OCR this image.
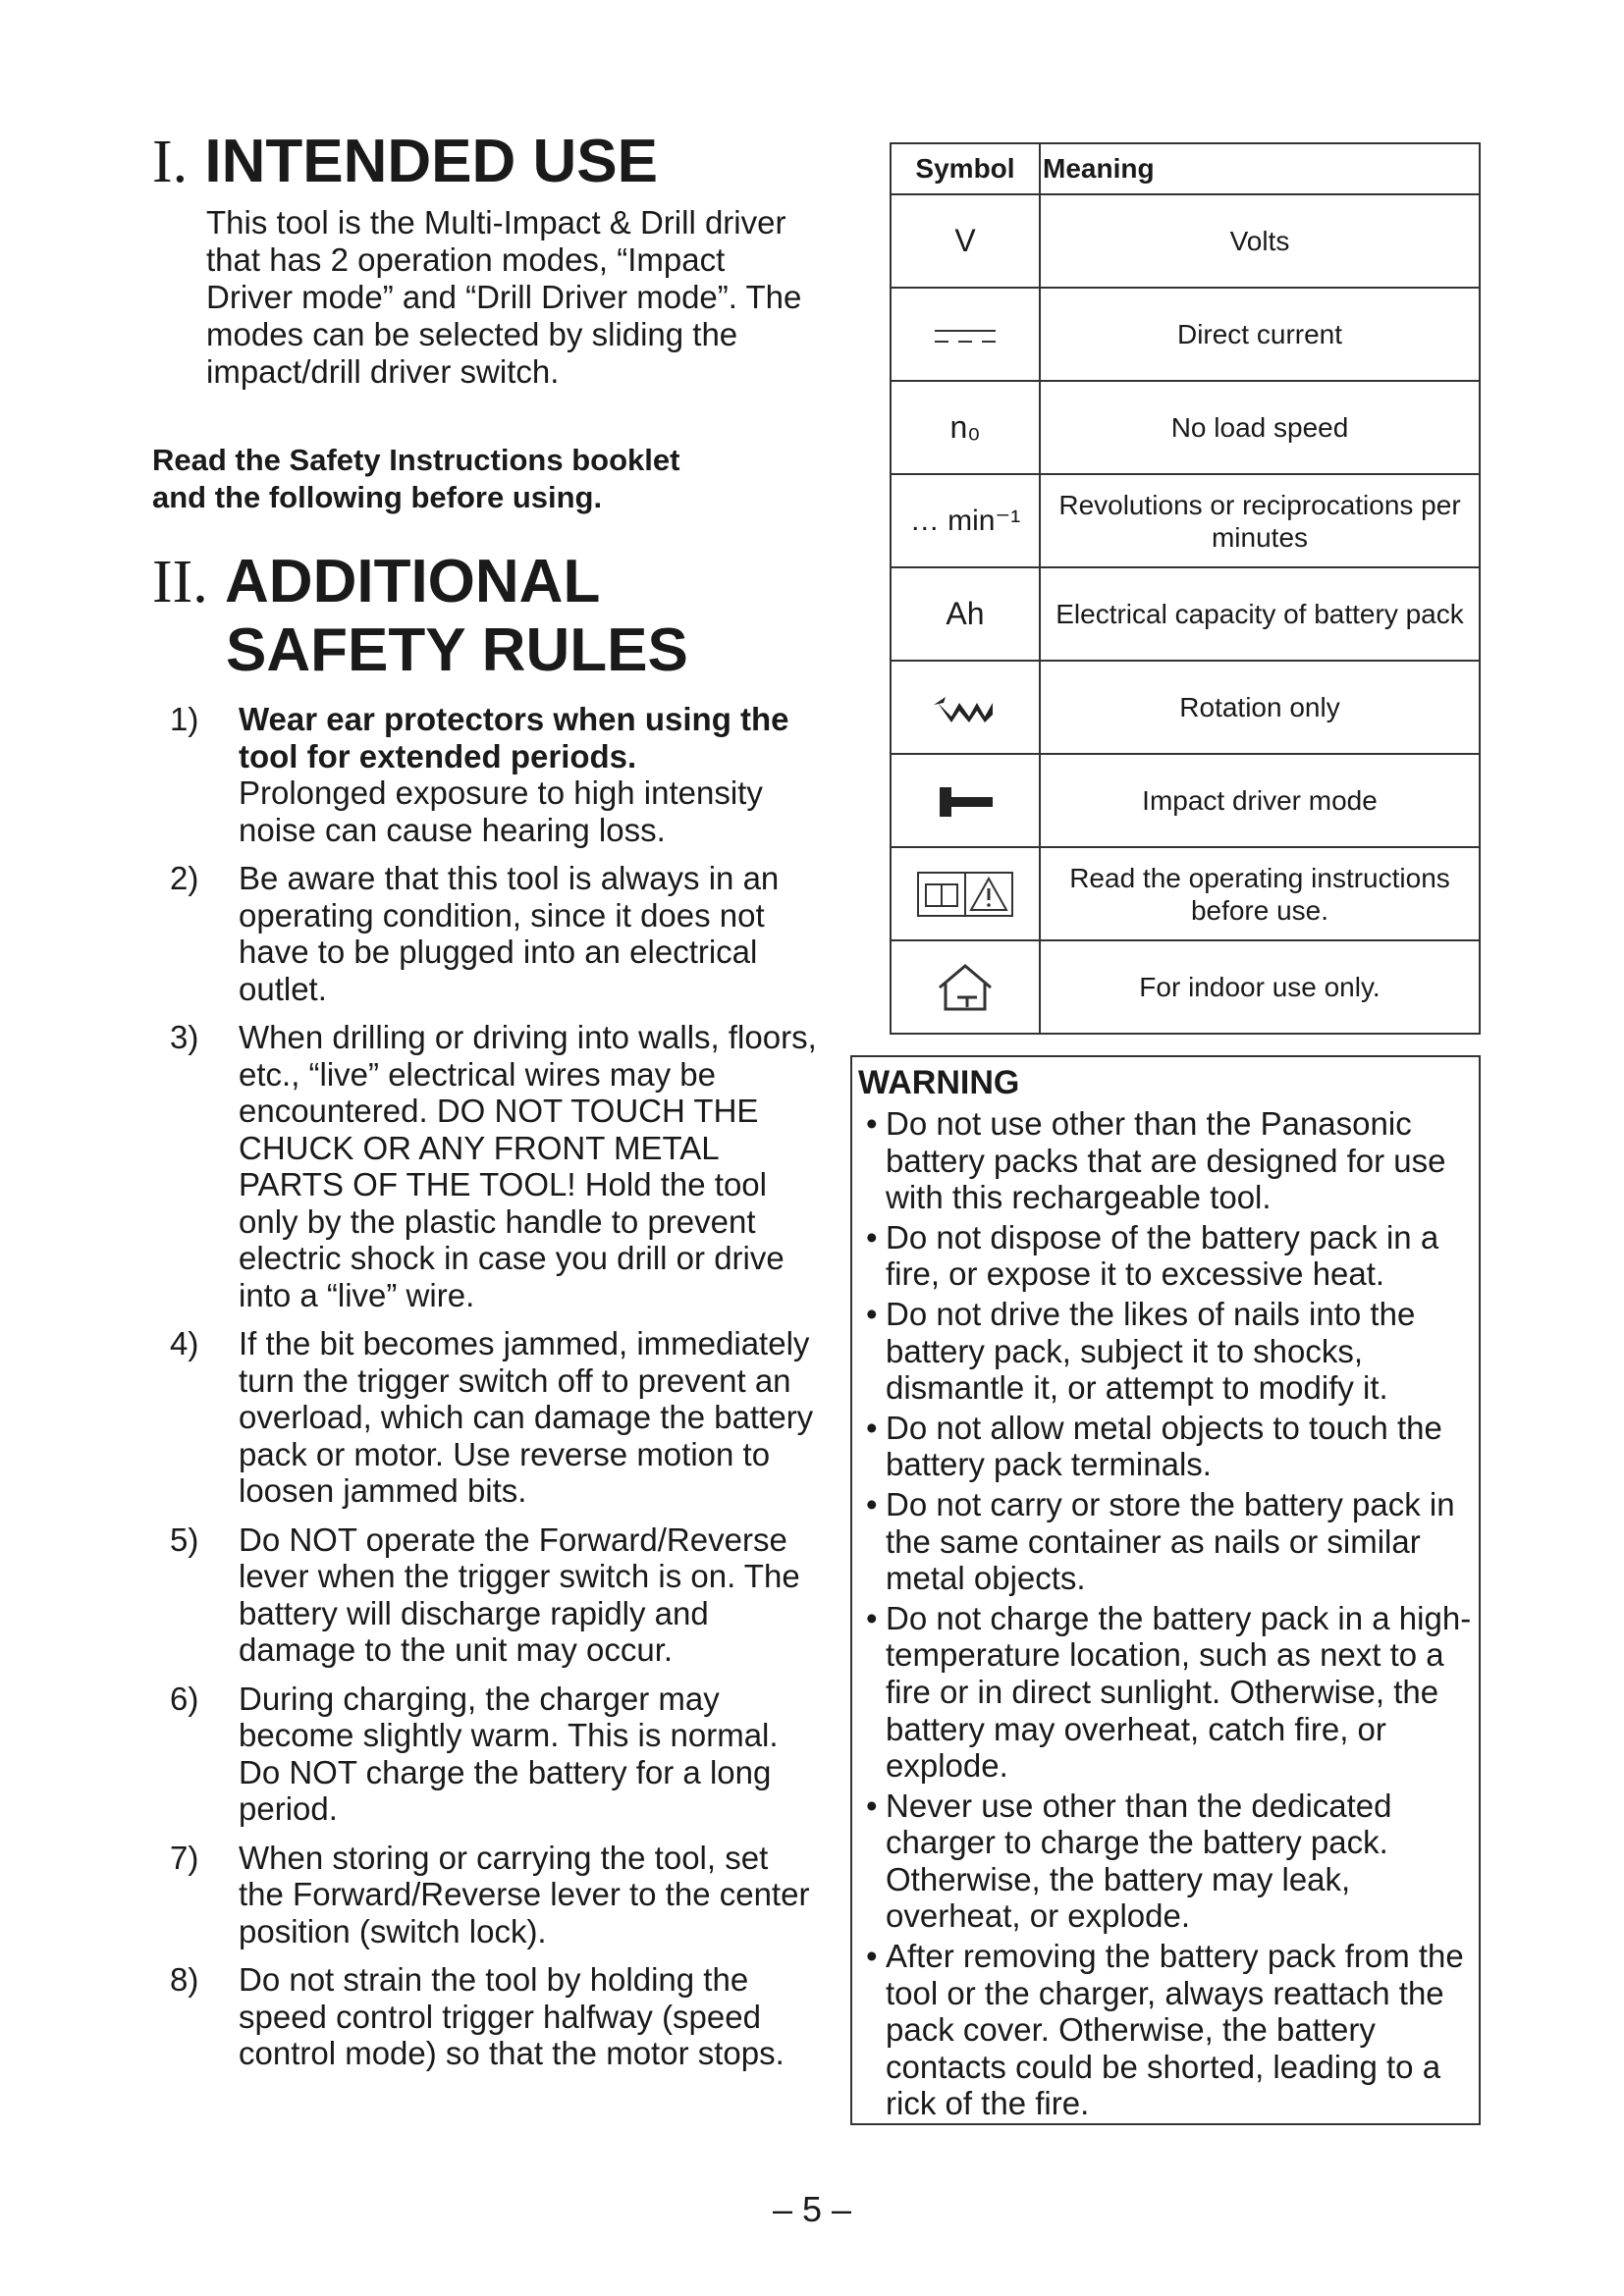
I. INTENDED USE
This tool is the Multi-Impact & Drill driver that has 2 operation modes, “Impact Driver mode” and “Drill Driver mode”. The modes can be selected by sliding the impact/drill driver switch.
Read the Safety Instructions booklet and the following before using.
II. ADDITIONAL
SAFETY RULES
1) Wear ear protectors when using the tool for extended periods.
Prolonged exposure to high intensity noise can cause hearing loss.
2) Be aware that this tool is always in an operating condition, since it does not have to be plugged into an electrical outlet.
3) When drilling or driving into walls, floors, etc., “live” electrical wires may be encountered. DO NOT TOUCH THE CHUCK OR ANY FRONT METAL PARTS OF THE TOOL! Hold the tool only by the plastic handle to prevent electric shock in case you drill or drive into a “live” wire.
4) If the bit becomes jammed, immediately turn the trigger switch off to prevent an overload, which can damage the battery pack or motor. Use reverse motion to loosen jammed bits.
5) Do NOT operate the Forward/Reverse lever when the trigger switch is on. The battery will discharge rapidly and damage to the unit may occur.
6) During charging, the charger may become slightly warm. This is normal. Do NOT charge the battery for a long period.
7) When storing or carrying the tool, set the Forward/Reverse lever to the center position (switch lock).
8) Do not strain the tool by holding the speed control trigger halfway (speed control mode) so that the motor stops.
Symbol	Meaning
V	Volts
	Direct current
n₀	No load speed
… min⁻¹	Revolutions or reciprocations per minutes
Ah	Electrical capacity of battery pack
	Rotation only
	Impact driver mode
	Read the operating instructions before use.
	For indoor use only.
WARNING
• Do not use other than the Panasonic battery packs that are designed for use with this rechargeable tool.
• Do not dispose of the battery pack in a fire, or expose it to excessive heat.
• Do not drive the likes of nails into the battery pack, subject it to shocks, dismantle it, or attempt to modify it.
• Do not allow metal objects to touch the battery pack terminals.
• Do not carry or store the battery pack in the same container as nails or similar metal objects.
• Do not charge the battery pack in a high-temperature location, such as next to a fire or in direct sunlight. Otherwise, the battery may overheat, catch fire, or explode.
• Never use other than the dedicated charger to charge the battery pack. Otherwise, the battery may leak, overheat, or explode.
• After removing the battery pack from the tool or the charger, always reattach the pack cover. Otherwise, the battery contacts could be shorted, leading to a rick of the fire.
– 5 –
